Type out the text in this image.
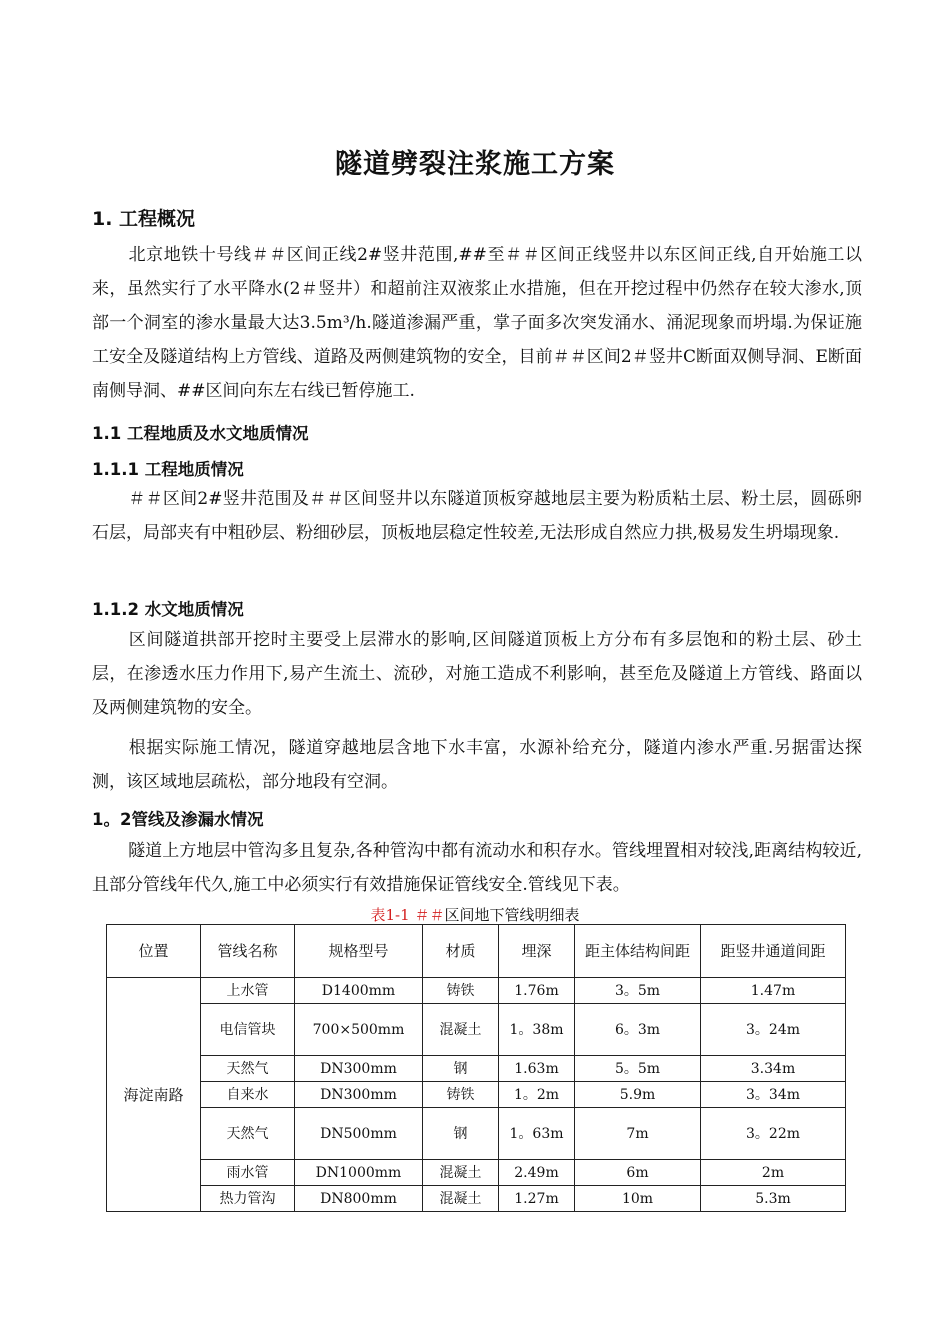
隧道劈裂注浆施工方案
1. 工程概况
北京地铁十号线＃＃区间正线2#竖井范围,##至＃＃区间正线竖井以东区间正线,自开始施工以来，虽然实行了水平降水(2＃竖井）和超前注双液浆止水措施，但在开挖过程中仍然存在较大渗水,顶部一个洞室的渗水量最大达3.5m³/h.隧道渗漏严重，掌子面多次突发涌水、涌泥现象而坍塌.为保证施工安全及隧道结构上方管线、道路及两侧建筑物的安全，目前＃＃区间2＃竖井C断面双侧导洞、E断面南侧导洞、##区间向东左右线已暂停施工.
1.1 工程地质及水文地质情况
1.1.1 工程地质情况
＃＃区间2#竖井范围及＃＃区间竖井以东隧道顶板穿越地层主要为粉质粘土层、粉土层，圆砾卵石层，局部夹有中粗砂层、粉细砂层，顶板地层稳定性较差,无法形成自然应力拱,极易发生坍塌现象.
1.1.2 水文地质情况
区间隧道拱部开挖时主要受上层滞水的影响,区间隧道顶板上方分布有多层饱和的粉土层、砂土层，在渗透水压力作用下,易产生流土、流砂，对施工造成不利影响，甚至危及隧道上方管线、路面以及两侧建筑物的安全。
根据实际施工情况，隧道穿越地层含地下水丰富，水源补给充分，隧道内渗水严重.另据雷达探测，该区域地层疏松，部分地段有空洞。
1。2管线及渗漏水情况
隧道上方地层中管沟多且复杂,各种管沟中都有流动水和积存水。管线埋置相对较浅,距离结构较近,且部分管线年代久,施工中必须实行有效措施保证管线安全.管线见下表。
表1-1 ＃＃区间地下管线明细表
位置	管线名称	规格型号	材质	埋深	距主体结构间距	距竖井通道间距
海淀南路	上水管	D1400mm	铸铁	1.76m	3。5m	1.47m
	电信管块	700×500mm	混凝土	1。38m	6。3m	3。24m
	天然气	DN300mm	钢	1.63m	5。5m	3.34m
	自来水	DN300mm	铸铁	1。2m	5.9m	3。34m
	天然气	DN500mm	钢	1。63m	7m	3。22m
	雨水管	DN1000mm	混凝土	2.49m	6m	2m
	热力管沟	DN800mm	混凝土	1.27m	10m	5.3m
